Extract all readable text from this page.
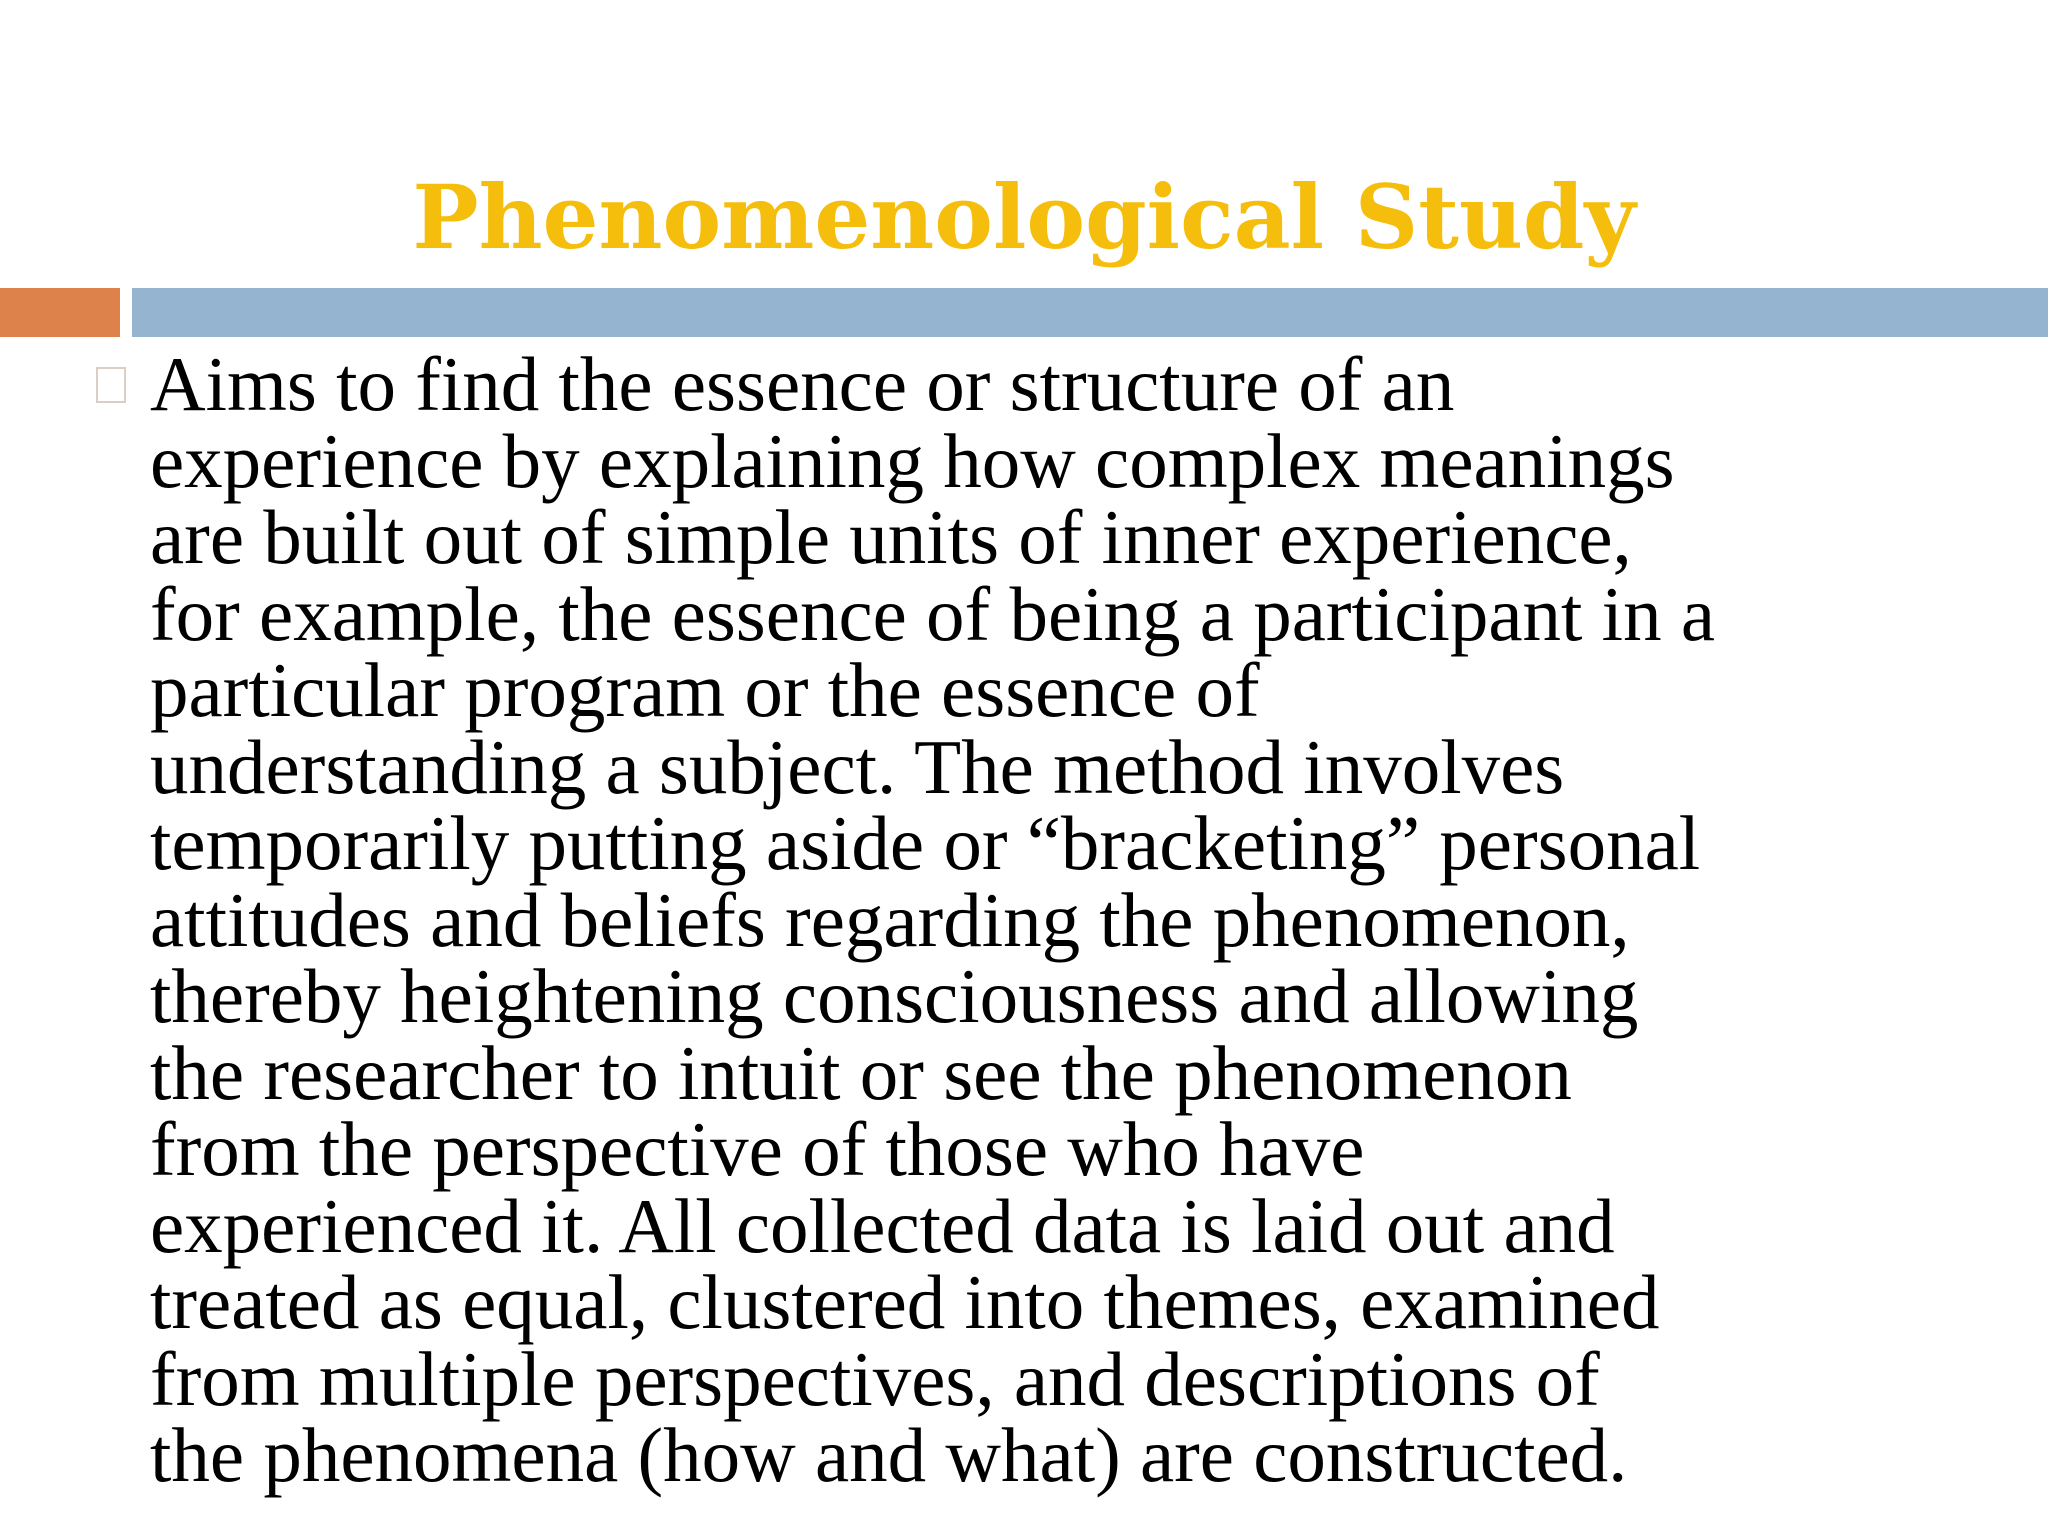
Phenomenological Study
Aims to find the essence or structure of an
experience by explaining how complex meanings
are built out of simple units of inner experience,
for example, the essence of being a participant in a
particular program or the essence of
understanding a subject. The method involves
temporarily putting aside or “bracketing” personal
attitudes and beliefs regarding the phenomenon,
thereby heightening consciousness and allowing
the researcher to intuit or see the phenomenon
from the perspective of those who have
experienced it. All collected data is laid out and
treated as equal, clustered into themes, examined
from multiple perspectives, and descriptions of
the phenomena (how and what) are constructed.
